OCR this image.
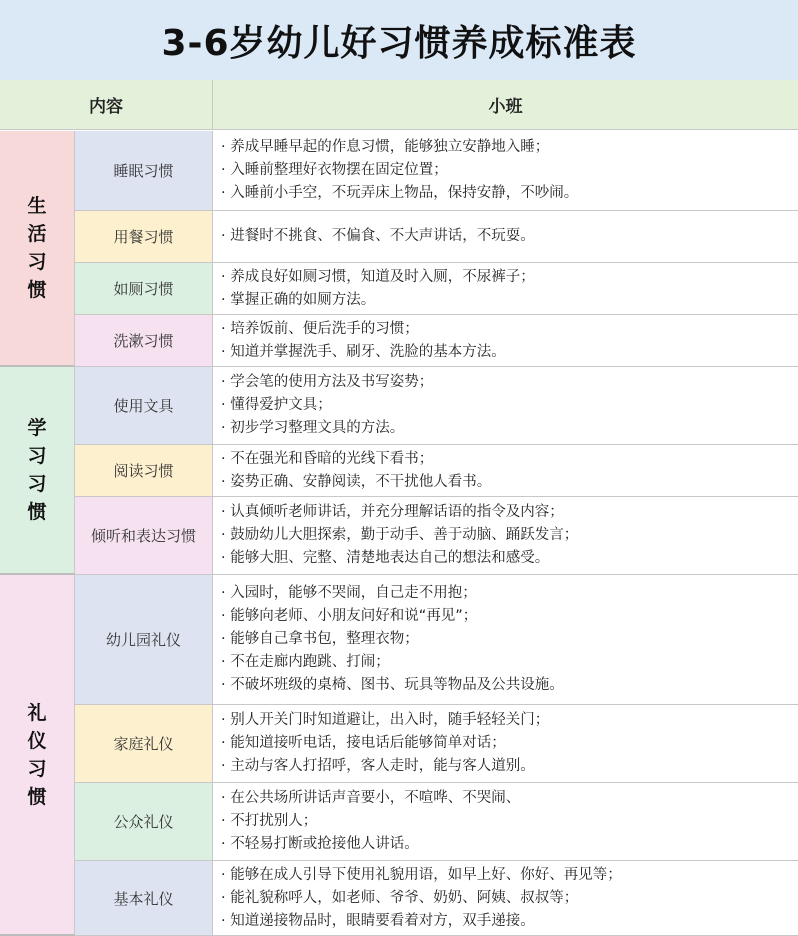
3-6岁幼儿好习惯养成标准表
内容	小班
睡眠习惯
· 养成早睡早起的作息习惯，能够独立安静地入睡；
· 入睡前整理好衣物摆在固定位置；
· 入睡前小手空，不玩弄床上物品，保持安静，不吵闹。
用餐习惯	· 进餐时不挑食、不偏食、不大声讲话，不玩耍。
如厕习惯
· 养成良好如厕习惯，知道及时入厕，不尿裤子；
· 掌握正确的如厕方法。
洗漱习惯
· 培养饭前、便后洗手的习惯；
· 知道并掌握洗手、刷牙、洗脸的基本方法。
生
活
习
惯
使用文具
· 学会笔的使用方法及书写姿势；
· 懂得爱护文具；
· 初步学习整理文具的方法。
阅读习惯
· 不在强光和昏暗的光线下看书；
· 姿势正确、安静阅读，不干扰他人看书。
倾听和表达习惯
· 认真倾听老师讲话，并充分理解话语的指令及内容；
· 鼓励幼儿大胆探索，勤于动手、善于动脑、踊跃发言；
· 能够大胆、完整、清楚地表达自己的想法和感受。
学
习
习
惯
幼儿园礼仪
· 入园时，能够不哭闹，自己走不用抱；
· 能够向老师、小朋友问好和说“再见”；
· 能够自己拿书包，整理衣物；
· 不在走廊内跑跳、打闹；
· 不破坏班级的桌椅、图书、玩具等物品及公共设施。
家庭礼仪
· 别人开关门时知道避让，出入时，随手轻轻关门；
· 能知道接听电话，接电话后能够简单对话；
· 主动与客人打招呼，客人走时，能与客人道别。
公众礼仪
· 在公共场所讲话声音要小，不喧哗、不哭闹、
· 不打扰别人；
· 不轻易打断或抢接他人讲话。
基本礼仪
· 能够在成人引导下使用礼貌用语，如早上好、你好、再见等；
· 能礼貌称呼人，如老师、爷爷、奶奶、阿姨、叔叔等；
· 知道递接物品时，眼睛要看着对方，双手递接。
礼
仪
习
惯
